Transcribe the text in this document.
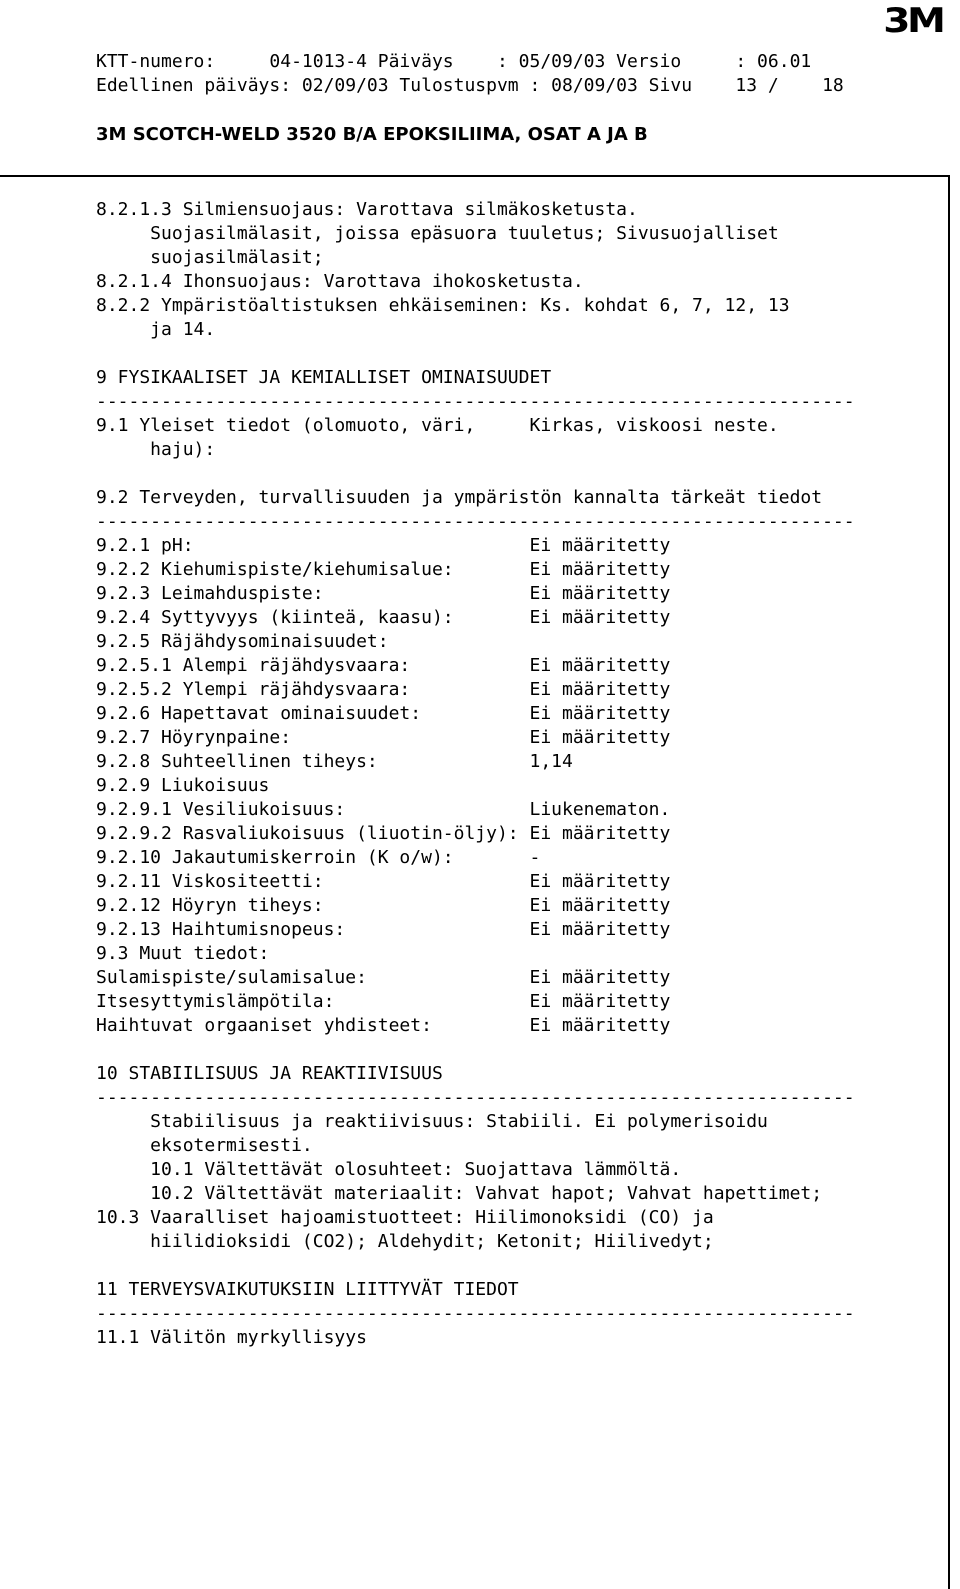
3M
KTT-numero:     04-1013-4 Päiväys    : 05/09/03 Versio     : 06.01
Edellinen päiväys: 02/09/03 Tulostuspvm : 08/09/03 Sivu    13 /    18
3M SCOTCH-WELD 3520 B/A EPOKSILIIMA, OSAT A JA B
8.2.1.3 Silmiensuojaus: Varottava silmäkosketusta.
Suojasilmälasit, joissa epäsuora tuuletus; Sivusuojalliset
suojasilmälasit;
8.2.1.4 Ihonsuojaus: Varottava ihokosketusta.
8.2.2 Ympäristöaltistuksen ehkäiseminen: Ks. kohdat 6, 7, 12, 13
ja 14.
9 FYSIKAALISET JA KEMIALLISET OMINAISUUDET
----------------------------------------------------------------------
9.1 Yleiset tiedot (olomuoto, väri,     Kirkas, viskoosi neste.
haju):
9.2 Terveyden, turvallisuuden ja ympäristön kannalta tärkeät tiedot
----------------------------------------------------------------------
9.2.1 pH:                               Ei määritetty
9.2.2 Kiehumispiste/kiehumisalue:       Ei määritetty
9.2.3 Leimahduspiste:                   Ei määritetty
9.2.4 Syttyvyys (kiinteä, kaasu):       Ei määritetty
9.2.5 Räjähdysominaisuudet:
9.2.5.1 Alempi räjähdysvaara:           Ei määritetty
9.2.5.2 Ylempi räjähdysvaara:           Ei määritetty
9.2.6 Hapettavat ominaisuudet:          Ei määritetty
9.2.7 Höyrynpaine:                      Ei määritetty
9.2.8 Suhteellinen tiheys:              1,14
9.2.9 Liukoisuus
9.2.9.1 Vesiliukoisuus:                 Liukenematon.
9.2.9.2 Rasvaliukoisuus (liuotin-öljy): Ei määritetty
9.2.10 Jakautumiskerroin (K o/w):       -
9.2.11 Viskositeetti:                   Ei määritetty
9.2.12 Höyryn tiheys:                   Ei määritetty
9.2.13 Haihtumisnopeus:                 Ei määritetty
9.3 Muut tiedot:
Sulamispiste/sulamisalue:               Ei määritetty
Itsesyttymislämpötila:                  Ei määritetty
Haihtuvat orgaaniset yhdisteet:         Ei määritetty
10 STABIILISUUS JA REAKTIIVISUUS
----------------------------------------------------------------------
Stabiilisuus ja reaktiivisuus: Stabiili. Ei polymerisoidu
eksotermisesti.
10.1 Vältettävät olosuhteet: Suojattava lämmöltä.
10.2 Vältettävät materiaalit: Vahvat hapot; Vahvat hapettimet;
10.3 Vaaralliset hajoamistuotteet: Hiilimonoksidi (CO) ja
hiilidioksidi (CO2); Aldehydit; Ketonit; Hiilivedyt;
11 TERVEYSVAIKUTUKSIIN LIITTYVÄT TIEDOT
----------------------------------------------------------------------
11.1 Välitön myrkyllisyys
